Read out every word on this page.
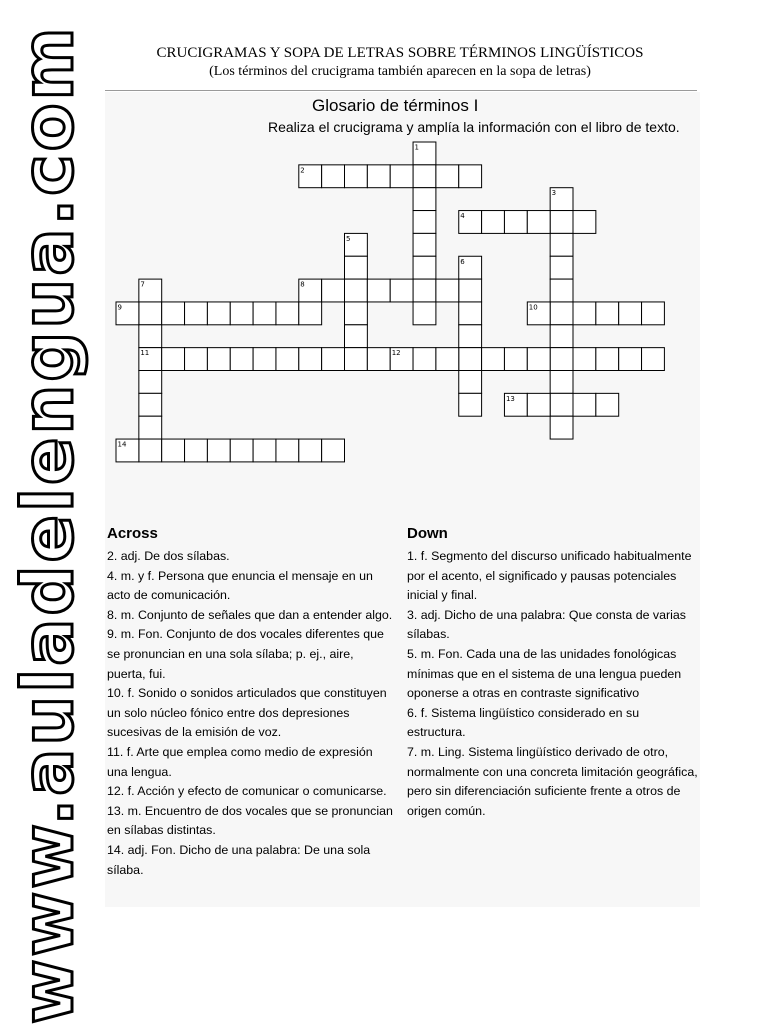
www.auladelengua.com	CRUCIGRAMAS Y SOPA DE LETRAS SOBRE TÉRMINOS LINGÜÍSTICOS
(Los términos del crucigrama también aparecen en la sopa de letras)
Glosario de términos I
Realiza el crucigrama y amplía la información con el libro de texto.
1
2
3
4
5
6
7
11
8
9	10
12
13
14
Across

2. adj. De dos sílabas.

4. m. y f. Persona que enuncia el mensaje en un acto de comunicación.

8. m. Conjunto de señales que dan a entender algo.

9. m. Fon. Conjunto de dos vocales diferentes que se pronuncian en una sola sílaba; p. ej., aire, puerta, fui.

10. f. Sonido o sonidos articulados que constituyen un solo núcleo fónico entre dos depresiones sucesivas de la emisión de voz.

11. f. Arte que emplea como medio de expresión una lengua.

12. f. Acción y efecto de comunicar o comunicarse.

13. m. Encuentro de dos vocales que se pronuncian en sílabas distintas.

14. adj. Fon. Dicho de una palabra: De una sola sílaba.

Down

1. f. Segmento del discurso unificado habitualmente por el acento, el significado y pausas potenciales inicial y final.

3. adj. Dicho de una palabra: Que consta de varias sílabas.

5. m. Fon. Cada una de las unidades fonológicas mínimas que en el sistema de una lengua pueden oponerse a otras en contraste significativo

6. f. Sistema lingüístico considerado en su estructura.

7. m. Ling. Sistema lingüístico derivado de otro, normalmente con una concreta limitación geográfica, pero sin diferenciación suficiente frente a otros de origen común.
